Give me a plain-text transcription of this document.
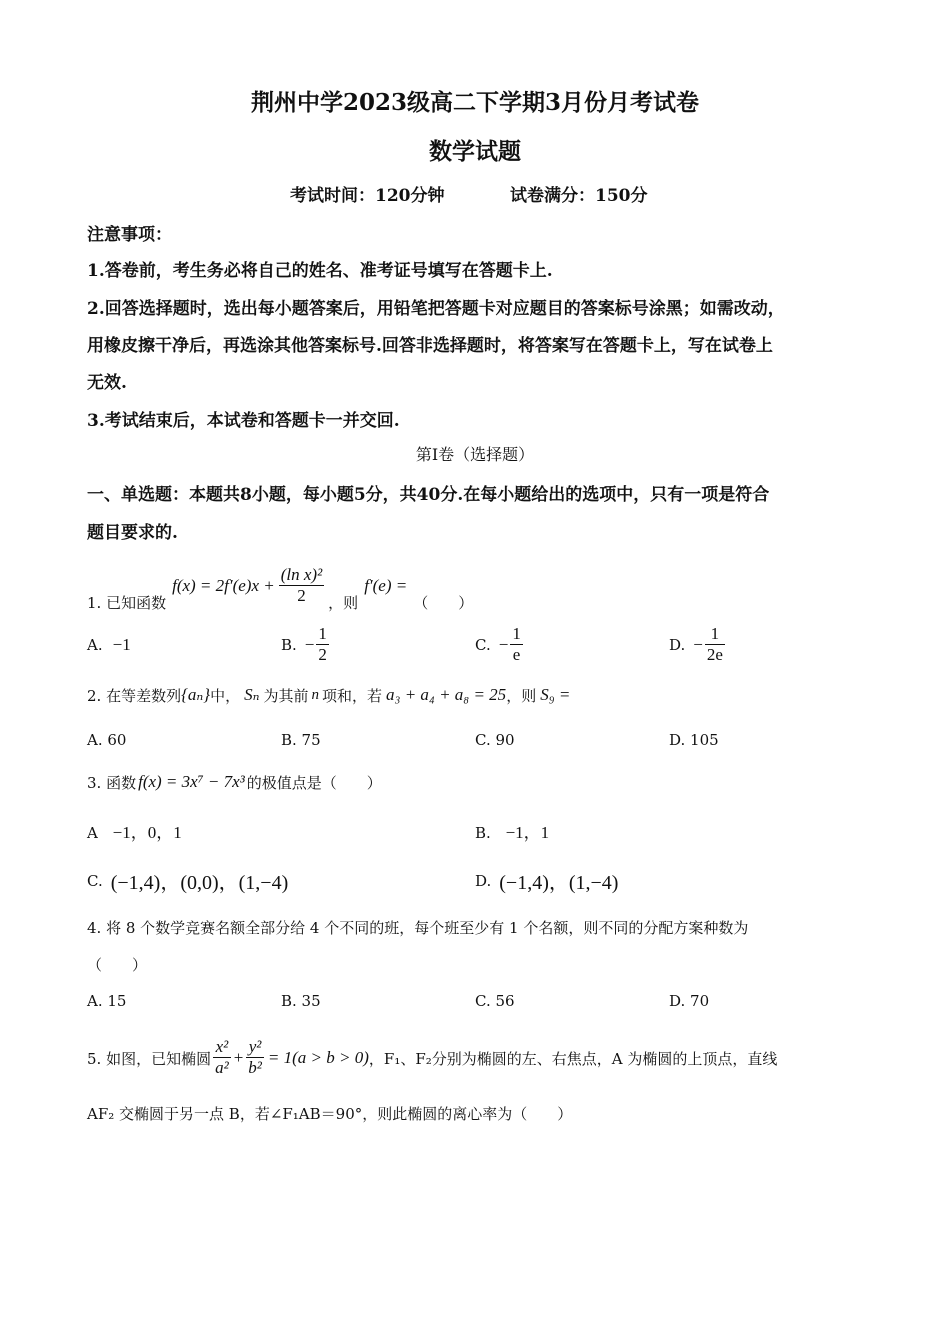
荆州中学2023级高二下学期3月份月考试卷
数学试题
考试时间：120分钟	试卷满分：150分
注意事项：
1.答卷前，考生务必将自己的姓名、准考证号填写在答题卡上.
2.回答选择题时，选出每小题答案后，用铅笔把答题卡对应题目的答案标号涂黑；如需改动，
用橡皮擦干净后，再选涂其他答案标号.回答非选择题时，将答案写在答题卡上，写在试卷上
无效.
3.考试结束后，本试卷和答题卡一并交回.
第Ⅰ卷（选择题）
一、单选题：本题共8小题，每小题5分，共40分.在每小题给出的选项中，只有一项是符合
题目要求的.
1. 已知函数
$f(x) = 2f'(e)x + \frac{\text{(ln x)²}}{2}$ ，则
f′(e) =
（　　）
A. −1	B. − $\frac{1}{2}$	C. − $\frac{1}{e}$	D. − $\frac{1}{2e}$
2. 在等差数列 {aₙ} 中， Sₙ 为其前 n 项和，若 a₃ + a₄ + a₈ = 25 ，则 S₉ =
A. 60	B. 75	C. 90	D. 105
3. 函数 f(x) = 3x⁷ − 7x³ 的极值点是（　　）
A −1，0，1	B. −1，1
C. (−1,4)，(0,0)，(1,−4)	D. (−1,4)，(1,−4)
4. 将 8 个数学竞赛名额全部分给 4 个不同的班，每个班至少有 1 个名额，则不同的分配方案种数为
（　　）
A. 15	B. 35	C. 56	D. 70
5. 如图，已知椭圆 $\frac{\text{x²}}{\text{a²}} + \frac{\text{y²}}{\text{b²}} = 1(a > b > 0)$ ，F₁、F₂分别为椭圆的左、右焦点，A 为椭圆的上顶点，直线
AF₂ 交椭圆于另一点 B，若∠F₁AB＝90°，则此椭圆的离心率为（　　）
